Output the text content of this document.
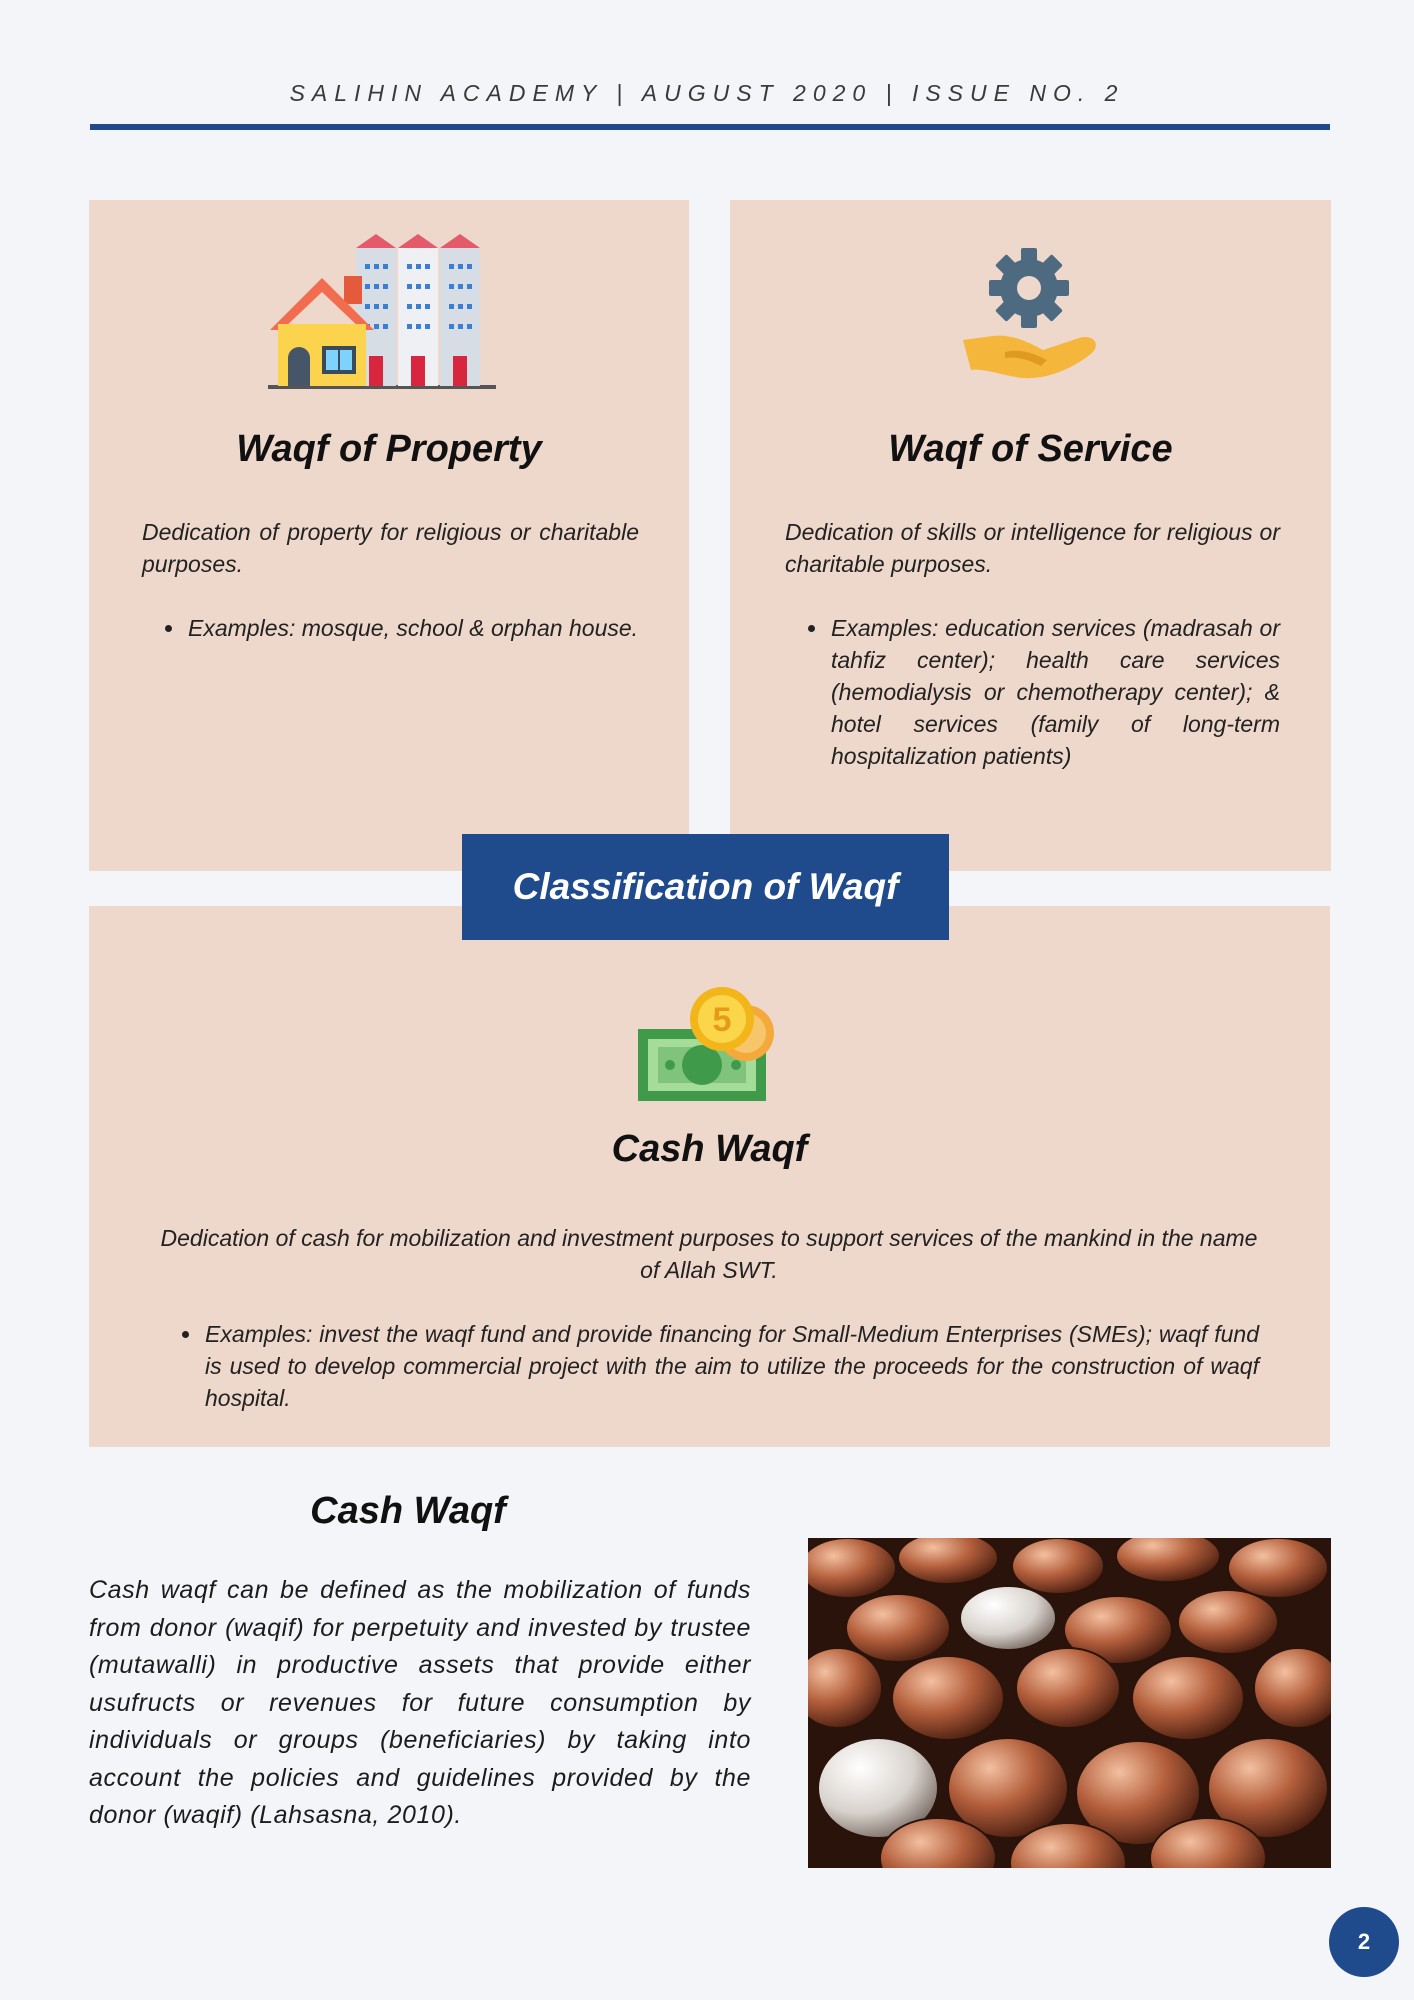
SALIHIN ACADEMY | AUGUST 2020 | ISSUE NO. 2
Waqf of Property

Dedication of property for religious or charitable purposes.

• Examples: mosque, school & orphan house.
Waqf of Service

Dedication of skills or intelligence for religious or charitable purposes.

• Examples: education services (madrasah or tahfiz center); health care services (hemodialysis or chemotherapy center); & hotel services (family of long-term hospitalization patients)
5
Cash Waqf

Dedication of cash for mobilization and investment purposes to support services of the mankind in the name of Allah SWT.

• Examples: invest the waqf fund and provide financing for Small-Medium Enterprises (SMEs); waqf fund is used to develop commercial project with the aim to utilize the proceeds for the construction of waqf hospital.
Classification of Waqf
Cash Waqf

Cash waqf can be defined as the mobilization of funds from donor (waqif) for perpetuity and invested by trustee (mutawalli) in productive assets that provide either usufructs or revenues for future consumption by individuals or groups (beneficiaries) by taking into account the policies and guidelines provided by the donor (waqif) (Lahsasna, 2010).

2
